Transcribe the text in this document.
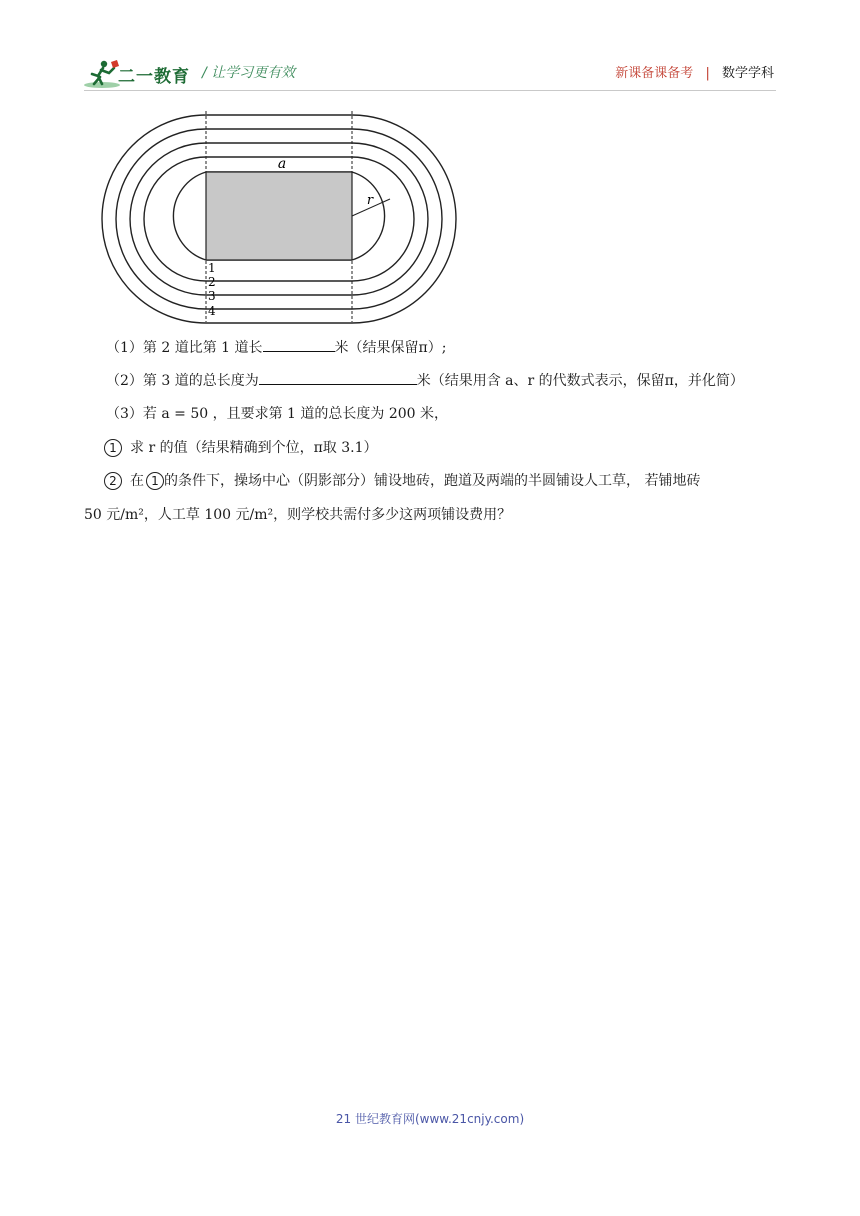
二一教育 / 让学习更有效	新课备课备考 | 数学学科
a
r
1
2
3
4
（1）第 2 道比第 1 道长	米（结果保留π）;
（2）第 3 道的总长度为	米（结果用含 a、r 的代数式表示，保留π，并化简）
（3）若 a = 50 ，且要求第 1 道的总长度为 200 米，
1 求 r 的值（结果精确到个位，π取 3.1）
2 在 1 的条件下，操场中心（阴影部分）铺设地砖，跑道及两端的半圆铺设人工草， 若铺地砖
50 元/m²，人工草 100 元/m²，则学校共需付多少这两项铺设费用？
21 世纪教育网(www.21cnjy.com)
